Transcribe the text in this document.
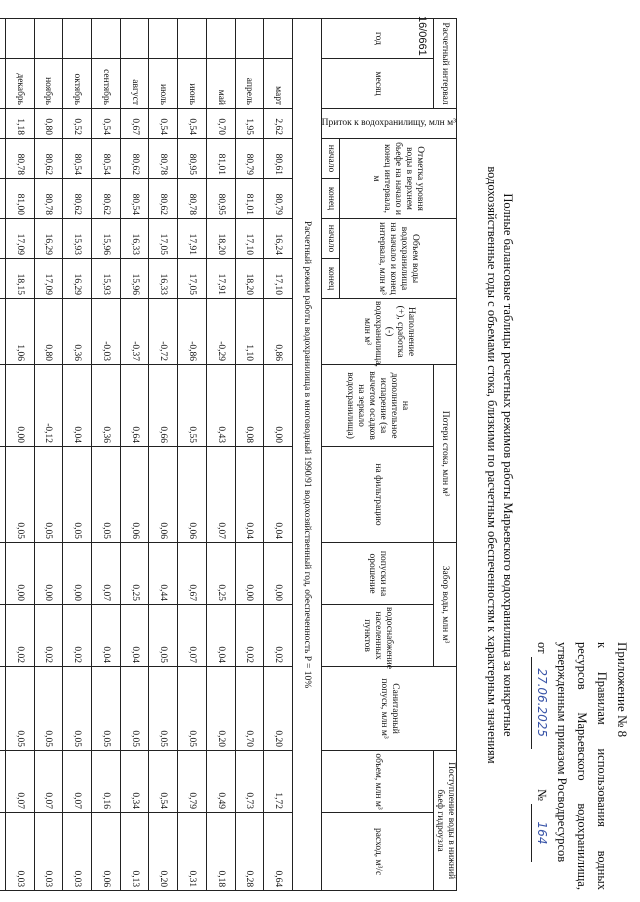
Приложение № 8
к
Правилам
использования
водных
ресурсов
Марьевского
водохранилища,
утвержденным приказом Росводресурсов
от 27.06.2025  № 164
Полные балансовые таблицы расчетных режимов работы Марьевского водохранилища за конкретные водохозяйственные годы с объемами стока, близкими по расчетным обеспеченностям к характерным значениям
Расчетный интервал		Приток к водохранилищу, млн м³	Отметка уровня воды в верхнем бьефе на начало и конец интервала, м		Объем воды водохранилища на начало и конец интервала, млн м³		Наполнение (+), сработка (-) водохранилища, млн м³	Потери стока, млн м³		Забор воды, млн м³		Санитарный попуск, млн м³	Поступление воды в нижний бьеф гидроузла	
год	месяц							на дополнительное испарение (за вычетом осадков на зеркало водохранилища)	на фильтрацию	попуски на орошение	водоснабжение населенных пунктов		объем, млн м³	расход, м³/с
			начало	конец	начало	конец								
Расчетный режим работы водохранилища в многоводный 1990/91 водохозяйственный год, обеспеченность P = 10%														
	март	2,62	80,61	80,79	16,24	17,10	0,86	0,00	0,04	0,00	0,02	0,20	1,72	0,64
	апрель	1,95	80,79	81,01	17,10	18,20	1,10	0,08	0,04	0,00	0,02	0,70	0,73	0,28
	май	0,70	81,01	80,95	18,20	17,91	-0,29	0,43	0,07	0,25	0,04	0,20	0,49	0,18
	июнь	0,54	80,95	80,78	17,91	17,05	-0,86	0,55	0,06	0,67	0,07	0,05	0,79	0,31
	июль	0,54	80,78	80,62	17,05	16,33	-0,72	0,66	0,06	0,44	0,05	0,05	0,54	0,20
	август	0,67	80,62	80,54	16,33	15,96	-0,37	0,64	0,06	0,25	0,04	0,05	0,34	0,13
	сентябрь	0,54	80,54	80,62	15,96	15,93	-0,03	0,36	0,05	0,07	0,04	0,05	0,16	0,06
	октябрь	0,52	80,54	80,62	15,93	16,29	0,36	0,04	0,05	0,00	0,02	0,05	0,07	0,03
	ноябрь	0,80	80,62	80,78	16,29	17,09	0,80	-0,12	0,05	0,00	0,02	0,05	0,07	0,03
	декабрь	1,18	80,78	81,00	17,09	18,15	1,06	0,00	0,05	0,00	0,02	0,05	0,07	0,03

16/0661
